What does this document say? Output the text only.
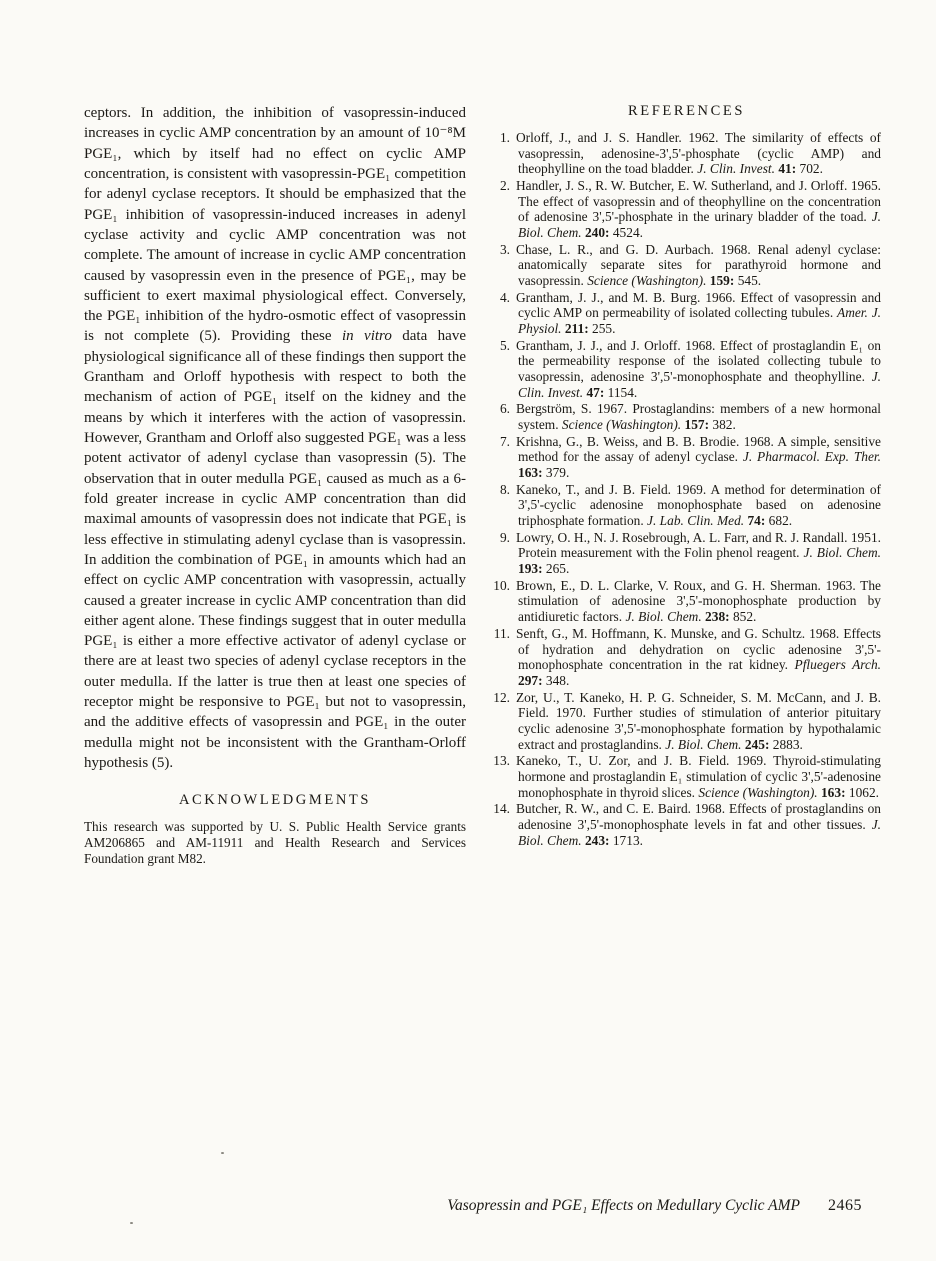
ceptors. In addition, the inhibition of vasopressin-induced increases in cyclic AMP concentration by an amount of 10⁻⁸M PGE₁, which by itself had no effect on cyclic AMP concentration, is consistent with vasopressin-PGE₁ competition for adenyl cyclase receptors. It should be emphasized that the PGE₁ inhibition of vasopressin-induced increases in adenyl cyclase activity and cyclic AMP concentration was not complete. The amount of increase in cyclic AMP concentration caused by vasopressin even in the presence of PGE₁, may be sufficient to exert maximal physiological effect. Conversely, the PGE₁ inhibition of the hydro-osmotic effect of vasopressin is not complete (5). Providing these in vitro data have physiological significance all of these findings then support the Grantham and Orloff hypothesis with respect to both the mechanism of action of PGE₁ itself on the kidney and the means by which it interferes with the action of vasopressin. However, Grantham and Orloff also suggested PGE₁ was a less potent activator of adenyl cyclase than vasopressin (5). The observation that in outer medulla PGE₁ caused as much as a 6-fold greater increase in cyclic AMP concentration than did maximal amounts of vasopressin does not indicate that PGE₁ is less effective in stimulating adenyl cyclase than is vasopressin. In addition the combination of PGE₁ in amounts which had an effect on cyclic AMP concentration with vasopressin, actually caused a greater increase in cyclic AMP concentration than did either agent alone. These findings suggest that in outer medulla PGE₁ is either a more effective activator of adenyl cyclase or there are at least two species of adenyl cyclase receptors in the outer medulla. If the latter is true then at least one species of receptor might be responsive to PGE₁ but not to vasopressin, and the additive effects of vasopressin and PGE₁ in the outer medulla might not be inconsistent with the Grantham-Orloff hypothesis (5).

ACKNOWLEDGMENTS

This research was supported by U. S. Public Health Service grants AM206865 and AM-11911 and Health Research and Services Foundation grant M82.

REFERENCES
1. Orloff, J., and J. S. Handler. 1962. The similarity of effects of vasopressin, adenosine-3',5'-phosphate (cyclic AMP) and theophylline on the toad bladder. J. Clin. Invest. 41: 702.
2. Handler, J. S., R. W. Butcher, E. W. Sutherland, and J. Orloff. 1965. The effect of vasopressin and of theophylline on the concentration of adenosine 3',5'-phosphate in the urinary bladder of the toad. J. Biol. Chem. 240: 4524.
3. Chase, L. R., and G. D. Aurbach. 1968. Renal adenyl cyclase: anatomically separate sites for parathyroid hormone and vasopressin. Science (Washington). 159: 545.
4. Grantham, J. J., and M. B. Burg. 1966. Effect of vasopressin and cyclic AMP on permeability of isolated collecting tubules. Amer. J. Physiol. 211: 255.
5. Grantham, J. J., and J. Orloff. 1968. Effect of prostaglandin E₁ on the permeability response of the isolated collecting tubule to vasopressin, adenosine 3',5'-monophosphate and theophylline. J. Clin. Invest. 47: 1154.
6. Bergström, S. 1967. Prostaglandins: members of a new hormonal system. Science (Washington). 157: 382.
7. Krishna, G., B. Weiss, and B. B. Brodie. 1968. A simple, sensitive method for the assay of adenyl cyclase. J. Pharmacol. Exp. Ther. 163: 379.
8. Kaneko, T., and J. B. Field. 1969. A method for determination of 3',5'-cyclic adenosine monophosphate based on adenosine triphosphate formation. J. Lab. Clin. Med. 74: 682.
9. Lowry, O. H., N. J. Rosebrough, A. L. Farr, and R. J. Randall. 1951. Protein measurement with the Folin phenol reagent. J. Biol. Chem. 193: 265.
10. Brown, E., D. L. Clarke, V. Roux, and G. H. Sherman. 1963. The stimulation of adenosine 3',5'-monophosphate production by antidiuretic factors. J. Biol. Chem. 238: 852.
11. Senft, G., M. Hoffmann, K. Munske, and G. Schultz. 1968. Effects of hydration and dehydration on cyclic adenosine 3',5'-monophosphate concentration in the rat kidney. Pfluegers Arch. 297: 348.
12. Zor, U., T. Kaneko, H. P. G. Schneider, S. M. McCann, and J. B. Field. 1970. Further studies of stimulation of anterior pituitary cyclic adenosine 3',5'-monophosphate formation by hypothalamic extract and prostaglandins. J. Biol. Chem. 245: 2883.
13. Kaneko, T., U. Zor, and J. B. Field. 1969. Thyroid-stimulating hormone and prostaglandin E₁ stimulation of cyclic 3',5'-adenosine monophosphate in thyroid slices. Science (Washington). 163: 1062.
14. Butcher, R. W., and C. E. Baird. 1968. Effects of prostaglandins on adenosine 3',5'-monophosphate levels in fat and other tissues. J. Biol. Chem. 243: 1713.
Vasopressin and PGE₁ Effects on Medullary Cyclic AMP 2465
